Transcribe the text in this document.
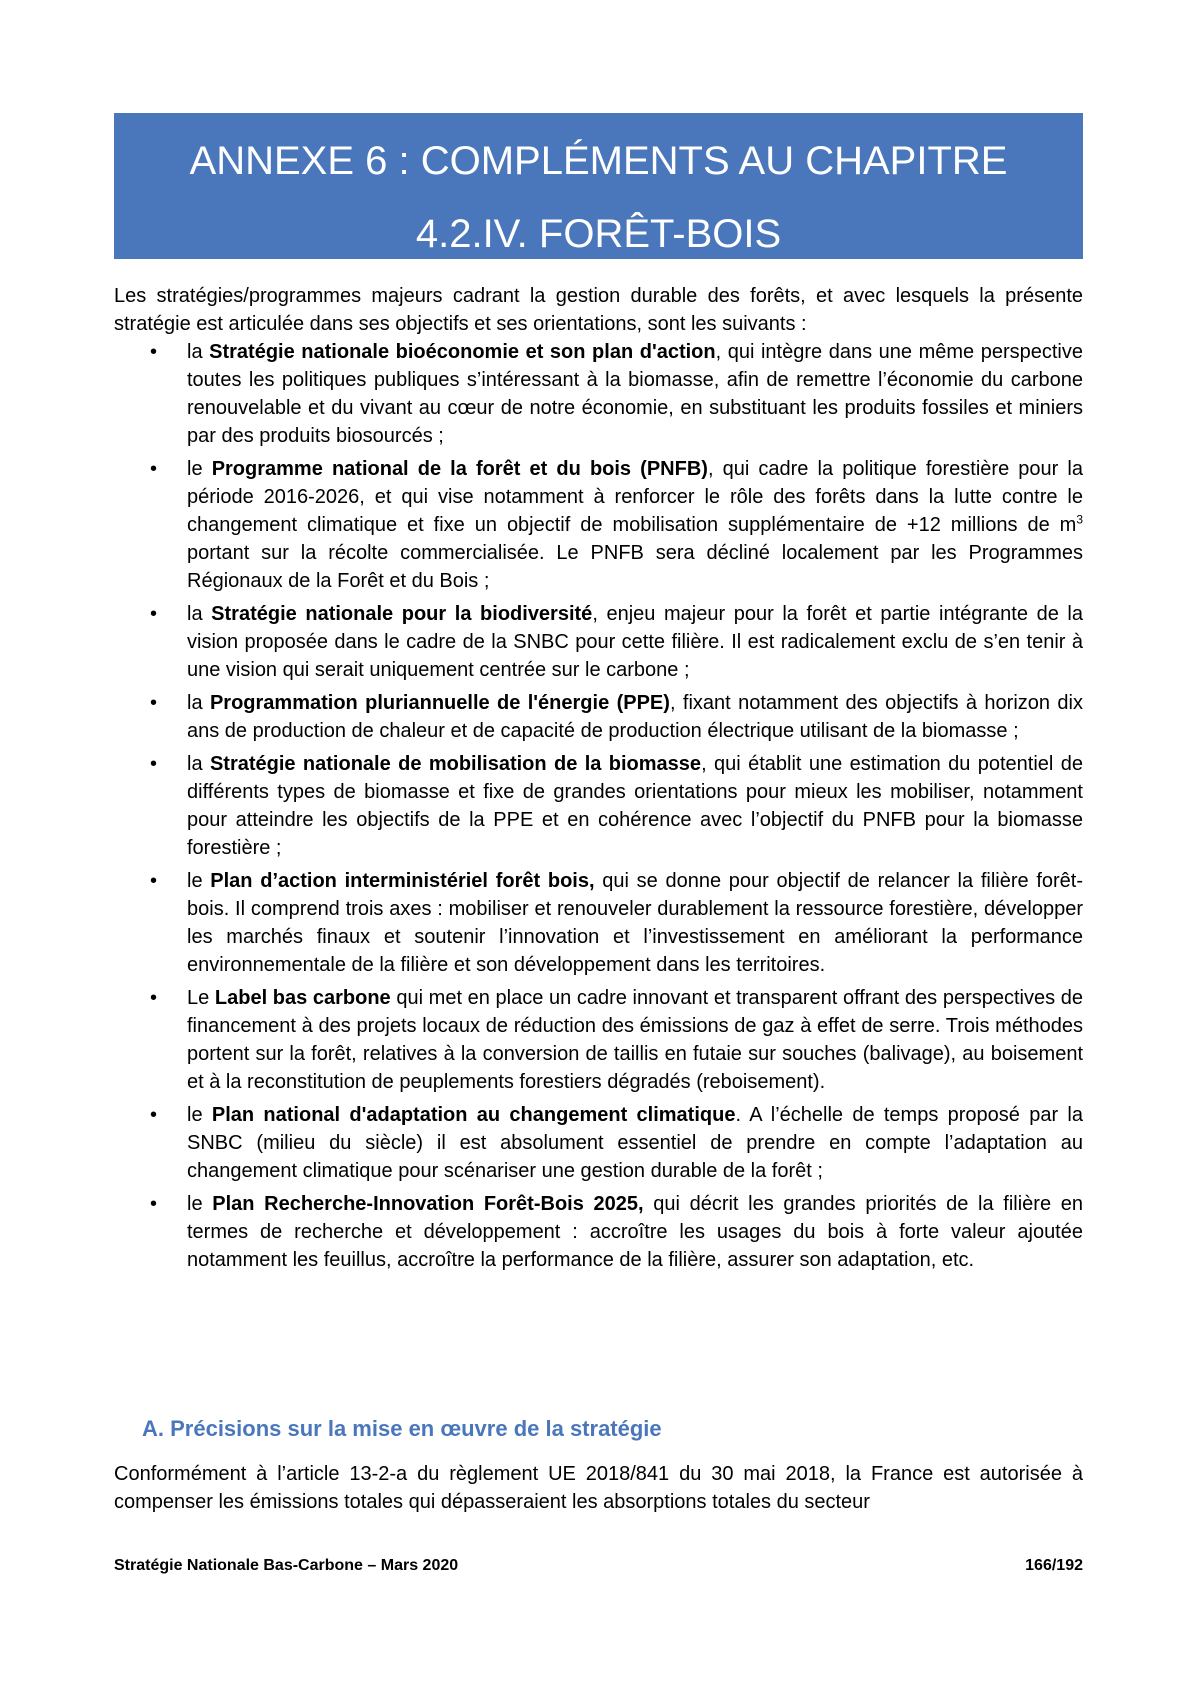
ANNEXE 6 : COMPLÉMENTS AU CHAPITRE
4.2.IV. FORÊT-BOIS
Les stratégies/programmes majeurs cadrant la gestion durable des forêts, et avec lesquels la présente stratégie est articulée dans ses objectifs et ses orientations, sont les suivants :
• la Stratégie nationale bioéconomie et son plan d'action, qui intègre dans une même perspective toutes les politiques publiques s’intéressant à la biomasse, afin de remettre l’économie du carbone renouvelable et du vivant au cœur de notre économie, en substituant les produits fossiles et miniers par des produits biosourcés ;
• le Programme national de la forêt et du bois (PNFB), qui cadre la politique forestière pour la période 2016-2026, et qui vise notamment à renforcer le rôle des forêts dans la lutte contre le changement climatique et fixe un objectif de mobilisation supplémentaire de +12 millions de $m^3$ portant sur la récolte commercialisée. Le PNFB sera décliné localement par les Programmes Régionaux de la Forêt et du Bois ;
• la Stratégie nationale pour la biodiversité, enjeu majeur pour la forêt et partie intégrante de la vision proposée dans le cadre de la SNBC pour cette filière. Il est radicalement exclu de s’en tenir à une vision qui serait uniquement centrée sur le carbone ;
• la Programmation pluriannuelle de l'énergie (PPE), fixant notamment des objectifs à horizon dix ans de production de chaleur et de capacité de production électrique utilisant de la biomasse ;
• la Stratégie nationale de mobilisation de la biomasse, qui établit une estimation du potentiel de différents types de biomasse et fixe de grandes orientations pour mieux les mobiliser, notamment pour atteindre les objectifs de la PPE et en cohérence avec l’objectif du PNFB pour la biomasse forestière ;
• le Plan d’action interministériel forêt bois, qui se donne pour objectif de relancer la filière forêt-bois. Il comprend trois axes : mobiliser et renouveler durablement la ressource forestière, développer les marchés finaux et soutenir l’innovation et l’investissement en améliorant la performance environnementale de la filière et son développement dans les territoires.
• Le Label bas carbone qui met en place un cadre innovant et transparent offrant des perspectives de financement à des projets locaux de réduction des émissions de gaz à effet de serre. Trois méthodes portent sur la forêt, relatives à la conversion de taillis en futaie sur souches (balivage), au boisement et à la reconstitution de peuplements forestiers dégradés (reboisement).
• le Plan national d'adaptation au changement climatique. A l’échelle de temps proposé par la SNBC (milieu du siècle) il est absolument essentiel de prendre en compte l’adaptation au changement climatique pour scénariser une gestion durable de la forêt ;
• le Plan Recherche-Innovation Forêt-Bois 2025, qui décrit les grandes priorités de la filière en termes de recherche et développement : accroître les usages du bois à forte valeur ajoutée notamment les feuillus, accroître la performance de la filière, assurer son adaptation, etc.
A. Précisions sur la mise en œuvre de la stratégie
Conformément à l’article 13-2-a du règlement UE 2018/841 du 30 mai 2018, la France est autorisée à compenser les émissions totales qui dépasseraient les absorptions totales du secteur
Stratégie Nationale Bas-Carbone – Mars 2020	166/192
